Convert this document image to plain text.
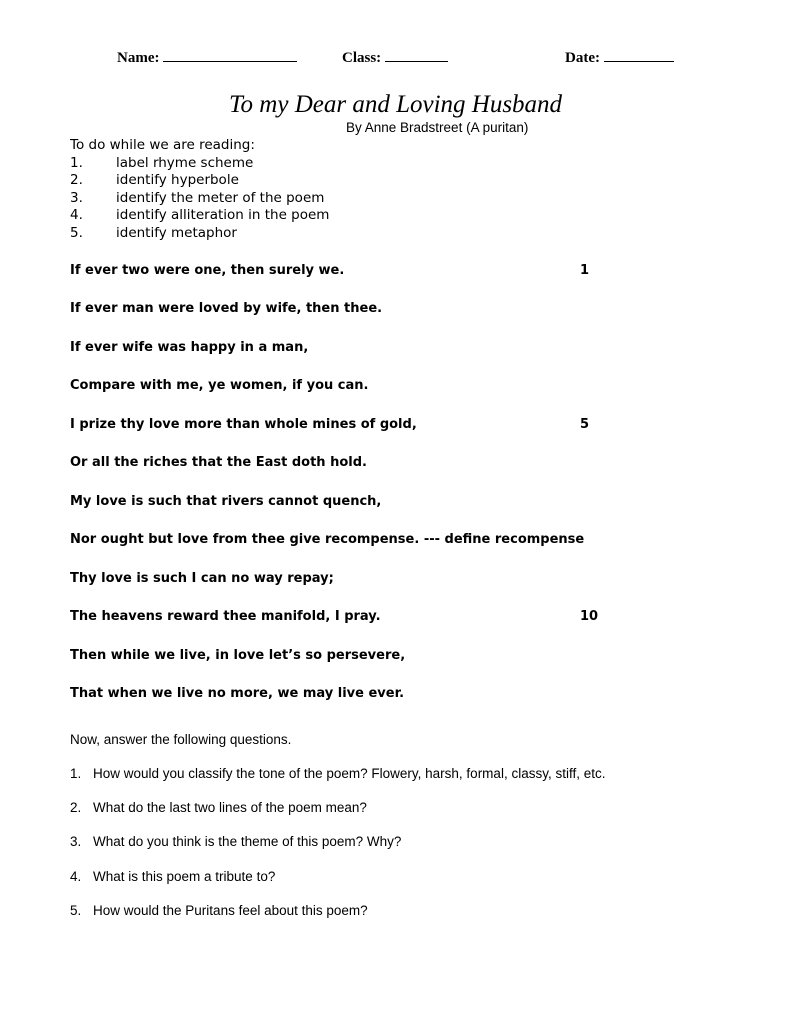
Name:	Class:	Date:
To my Dear and Loving Husband
By Anne Bradstreet (A puritan)
To do while we are reading:
1.	label rhyme scheme
2.	identify hyperbole
3.	identify the meter of the poem
4.	identify alliteration in the poem
5.	identify metaphor
If ever two were one, then surely we.	1
If ever man were loved by wife, then thee.
If ever wife was happy in a man,
Compare with me, ye women, if you can.
I prize thy love more than whole mines of gold,	5
Or all the riches that the East doth hold.
My love is such that rivers cannot quench,
Nor ought but love from thee give recompense. --- define recompense
Thy love is such I can no way repay;
The heavens reward thee manifold, I pray.	10
Then while we live, in love let’s so persevere,
That when we live no more, we may live ever.
Now, answer the following questions.
1. How would you classify the tone of the poem? Flowery, harsh, formal, classy, stiff, etc.
2. What do the last two lines of the poem mean?
3. What do you think is the theme of this poem? Why?
4. What is this poem a tribute to?
5. How would the Puritans feel about this poem?
